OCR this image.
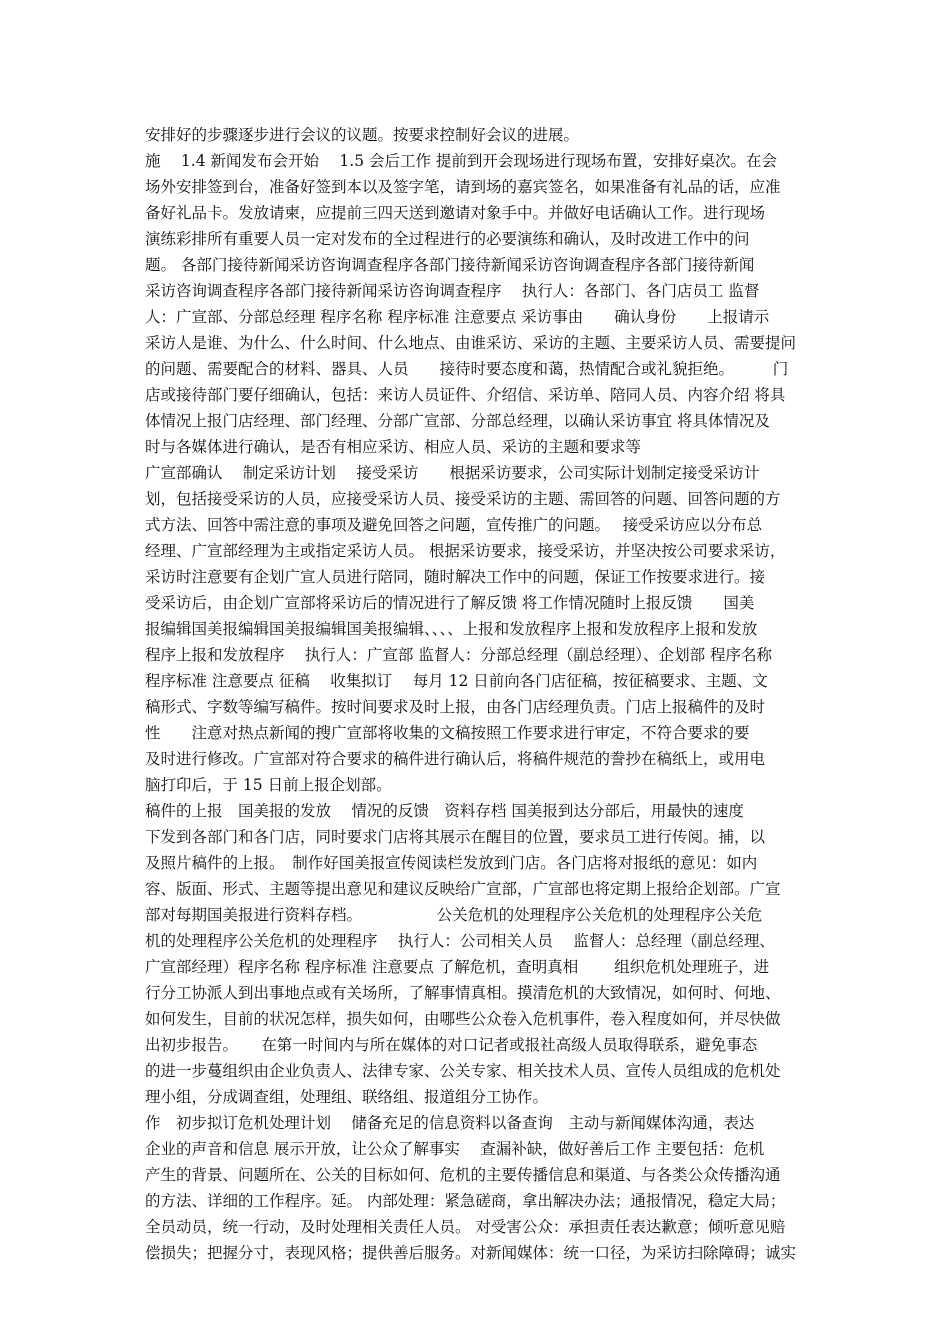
安排好的步骤逐步进行会议的议题。按要求控制好会议的进展。
施　 1.4 新闻发布会开始　 1.5 会后工作 提前到开会现场进行现场布置，安排好桌次。在会
场外安排签到台，准备好签到本以及签字笔，请到场的嘉宾签名，如果准备有礼品的话，应准
备好礼品卡。发放请柬，应提前三四天送到邀请对象手中。并做好电话确认工作。进行现场
演练彩排所有重要人员一定对发布的全过程进行的必要演练和确认，及时改进工作中的问
题。 各部门接待新闻采访咨询调查程序各部门接待新闻采访咨询调查程序各部门接待新闻
采访咨询调查程序各部门接待新闻采访咨询调查程序　 执行人：各部门、各门店员工 监督
人：广宣部、分部总经理 程序名称 程序标准 注意要点 采访事由　　确认身份　　上报请示
采访人是谁、为什么、什么时间、什么地点、由谁采访、采访的主题、主要采访人员、需要提问
的问题、需要配合的材料、器具、人员　　接待时要态度和蔼，热情配合或礼貌拒绝。　　　门
店或接待部门要仔细确认，包括：来访人员证件、介绍信、采访单、陪同人员、内容介绍 将具
体情况上报门店经理、部门经理、分部广宣部、分部总经理，以确认采访事宜 将具体情况及
时与各媒体进行确认，是否有相应采访、相应人员、采访的主题和要求等
广宣部确认　 制定采访计划　 接受采访　　根据采访要求，公司实际计划制定接受采访计
划，包括接受采访的人员，应接受采访人员、接受采访的主题、需回答的问题、回答问题的方
式方法、回答中需注意的事项及避免回答之问题，宣传推广的问题。　 接受采访应以分布总
经理、广宣部经理为主或指定采访人员。 根据采访要求，接受采访，并坚决按公司要求采访，
采访时注意要有企划广宣人员进行陪同，随时解决工作中的问题，保证工作按要求进行。接
受采访后，由企划广宣部将采访后的情况进行了解反馈 将工作情况随时上报反馈　　国美
报编辑国美报编辑国美报编辑国美报编辑、、、、上报和发放程序上报和发放程序上报和发放
程序上报和发放程序　 执行人：广宣部 监督人：分部总经理（副总经理）、企划部 程序名称
程序标准 注意要点 征稿　 收集拟订　 每月 12 日前向各门店征稿，按征稿要求、主题、文
稿形式、字数等编写稿件。按时间要求及时上报，由各门店经理负责。门店上报稿件的及时
性　　注意对热点新闻的搜广宣部将收集的文稿按照工作要求进行审定，不符合要求的要
及时进行修改。广宣部对符合要求的稿件进行确认后，将稿件规范的誊抄在稿纸上，或用电
脑打印后，于 15 日前上报企划部。
稿件的上报　国美报的发放　 情况的反馈　资料存档 国美报到达分部后，用最快的速度
下发到各部门和各门店，同时要求门店将其展示在醒目的位置，要求员工进行传阅。捕，以
及照片稿件的上报。　制作好国美报宣传阅读栏发放到门店。各门店将对报纸的意见：如内
容、版面、形式、主题等提出意见和建议反映给广宣部，广宣部也将定期上报给企划部。广宣
部对每期国美报进行资料存档。　　　　　 公关危机的处理程序公关危机的处理程序公关危
机的处理程序公关危机的处理程序　 执行人：公司相关人员　 监督人：总经理（副总经理、
广宣部经理）程序名称 程序标准 注意要点 了解危机，查明真相　　 组织危机处理班子，进
行分工协派人到出事地点或有关场所，了解事情真相。摸清危机的大致情况，如何时、何地、
如何发生，目前的状况怎样，损失如何，由哪些公众卷入危机事件，卷入程度如何，并尽快做
出初步报告。　　在第一时间内与所在媒体的对口记者或报社高级人员取得联系，避免事态
的进一步蔓组织由企业负责人、法律专家、公关专家、相关技术人员、宣传人员组成的危机处
理小组，分成调查组，处理组、联络组、报道组分工协作。
作　初步拟订危机处理计划　 储备充足的信息资料以备查询　主动与新闻媒体沟通，表达
企业的声音和信息 展示开放，让公众了解事实　 查漏补缺，做好善后工作 主要包括：危机
产生的背景、问题所在、公关的目标如何、危机的主要传播信息和渠道、与各类公众传播沟通
的方法、详细的工作程序。延。 内部处理：紧急磋商，拿出解决办法；通报情况，稳定大局；
全员动员，统一行动，及时处理相关责任人员。 对受害公众：承担责任表达歉意；倾听意见赔
偿损失；把握分寸，表现风格；提供善后服务。对新闻媒体：统一口径，为采访扫除障碍；诚实
